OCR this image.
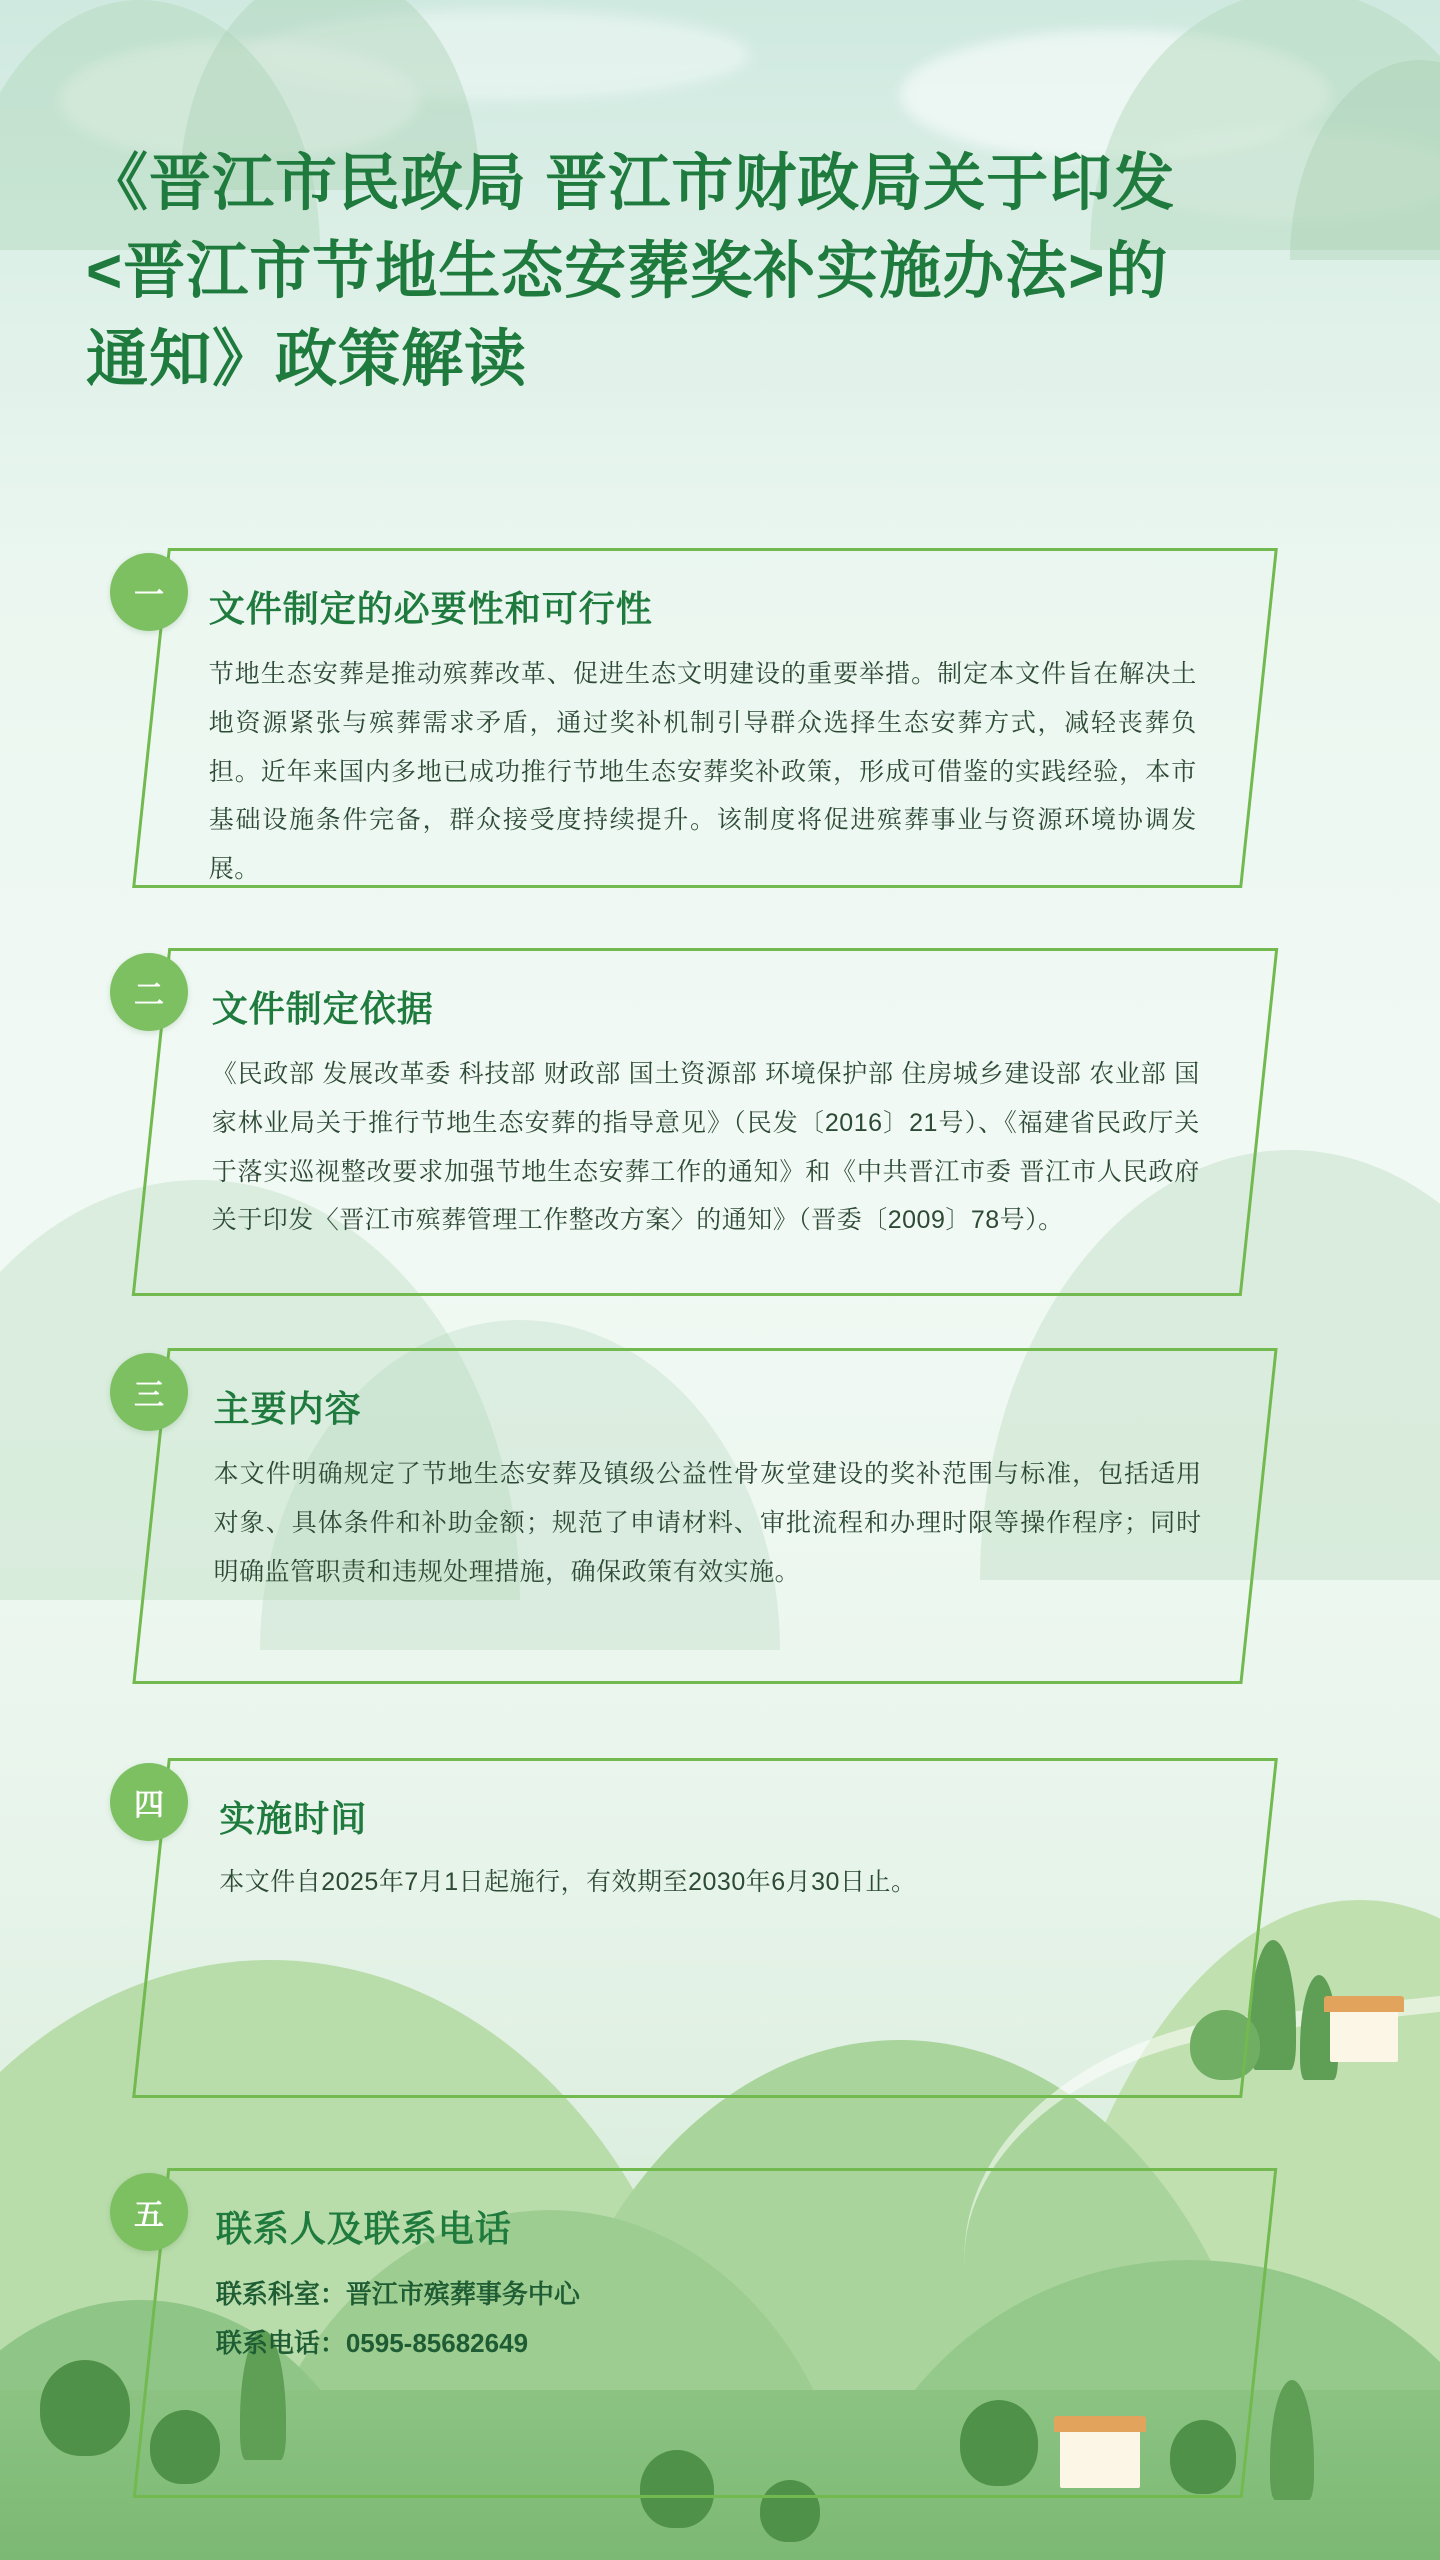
《晋江市民政局 晋江市财政局关于印发
<晋江市节地生态安葬奖补实施办法>的
通知》政策解读
文件制定的必要性和可行性
节地生态安葬是推动殡葬改革、促进生态文明建设的重要举措。制定本文件旨在解决土地资源紧张与殡葬需求矛盾，通过奖补机制引导群众选择生态安葬方式，减轻丧葬负担。近年来国内多地已成功推行节地生态安葬奖补政策，形成可借鉴的实践经验，本市基础设施条件完备，群众接受度持续提升。该制度将促进殡葬事业与资源环境协调发展。
一
文件制定依据
《民政部 发展改革委 科技部 财政部 国土资源部 环境保护部 住房城乡建设部 农业部 国家林业局关于推行节地生态安葬的指导意见》（民发〔2016〕21号）、《福建省民政厅关于落实巡视整改要求加强节地生态安葬工作的通知》和《中共晋江市委 晋江市人民政府关于印发〈晋江市殡葬管理工作整改方案〉的通知》（晋委〔2009〕78号）。
二
主要内容
本文件明确规定了节地生态安葬及镇级公益性骨灰堂建设的奖补范围与标准，包括适用对象、具体条件和补助金额；规范了申请材料、审批流程和办理时限等操作程序；同时明确监管职责和违规处理措施，确保政策有效实施。
三
实施时间
本文件自2025年7月1日起施行，有效期至2030年6月30日止。
四
联系人及联系电话
联系科室：晋江市殡葬事务中心
联系电话：0595-85682649
五
